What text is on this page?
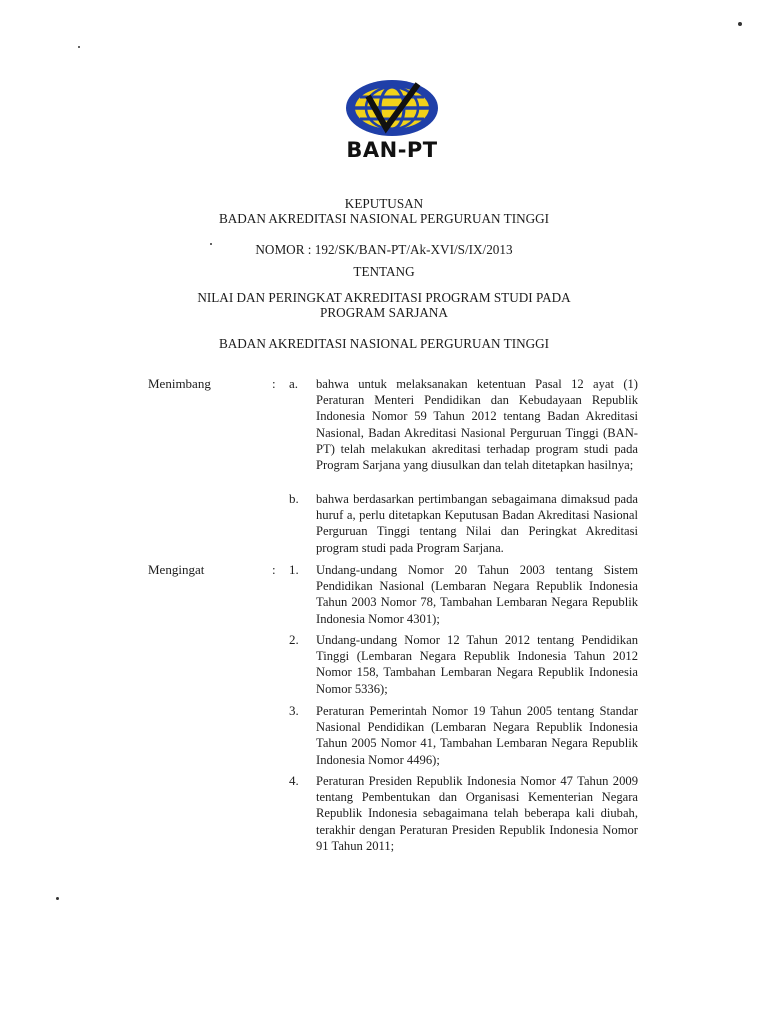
BAN-PT
KEPUTUSAN
BADAN AKREDITASI NASIONAL PERGURUAN TINGGI
NOMOR : 192/SK/BAN-PT/Ak-XVI/S/IX/2013
TENTANG
NILAI DAN PERINGKAT AKREDITASI PROGRAM STUDI PADA
PROGRAM SARJANA
BADAN AKREDITASI NASIONAL PERGURUAN TINGGI
Menimbang	: a. bahwa untuk melaksanakan ketentuan Pasal 12 ayat (1) Peraturan Menteri Pendidikan dan Kebudayaan Republik Indonesia Nomor 59 Tahun 2012 tentang Badan Akreditasi Nasional, Badan Akreditasi Nasional Perguruan Tinggi (BAN-PT) telah melakukan akreditasi terhadap program studi pada Program Sarjana yang diusulkan dan telah ditetapkan hasilnya;
b. bahwa berdasarkan pertimbangan sebagaimana dimaksud pada huruf a, perlu ditetapkan Keputusan Badan Akreditasi Nasional Perguruan Tinggi tentang Nilai dan Peringkat Akreditasi program studi pada Program Sarjana.
Mengingat	: 1. Undang-undang Nomor 20 Tahun 2003 tentang Sistem Pendidikan Nasional (Lembaran Negara Republik Indonesia Tahun 2003 Nomor 78, Tambahan Lembaran Negara Republik Indonesia Nomor 4301);
2. Undang-undang Nomor 12 Tahun 2012 tentang Pendidikan Tinggi (Lembaran Negara Republik Indonesia Tahun 2012 Nomor 158, Tambahan Lembaran Negara Republik Indonesia Nomor 5336);
3. Peraturan Pemerintah Nomor 19 Tahun 2005 tentang Standar Nasional Pendidikan (Lembaran Negara Republik Indonesia Tahun 2005 Nomor 41, Tambahan Lembaran Negara Republik Indonesia Nomor 4496);
4. Peraturan Presiden Republik Indonesia Nomor 47 Tahun 2009 tentang Pembentukan dan Organisasi Kementerian Negara Republik Indonesia sebagaimana telah beberapa kali diubah, terakhir dengan Peraturan Presiden Republik Indonesia Nomor 91 Tahun 2011;
